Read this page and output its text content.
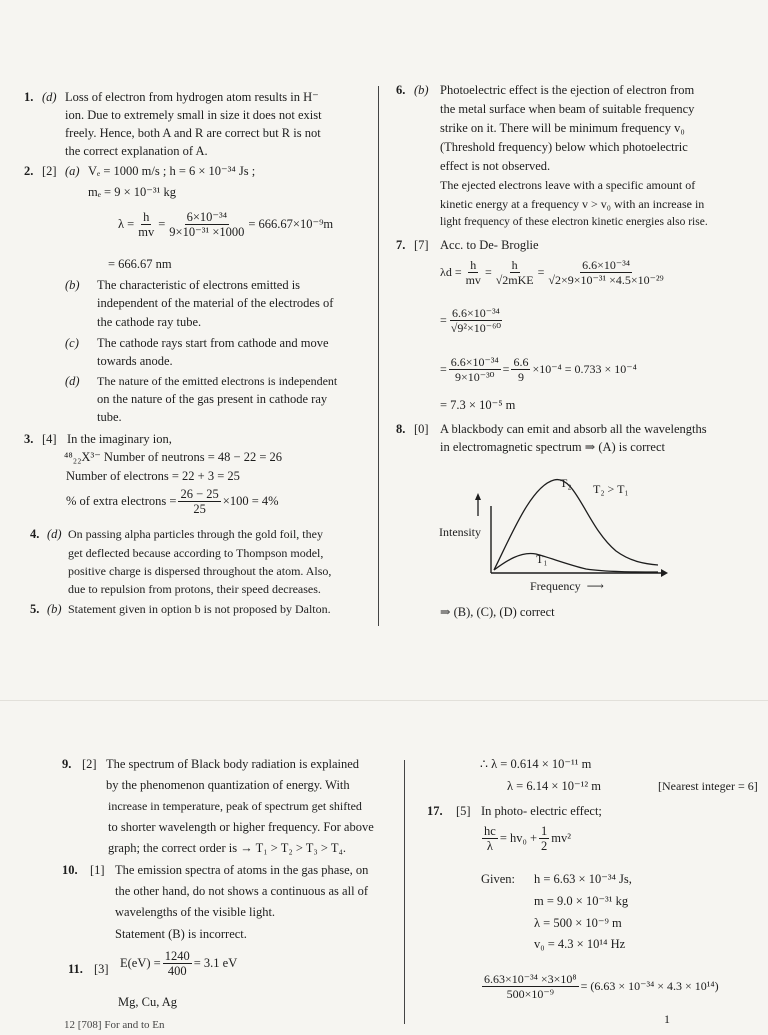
1. (d) Loss of electron from hydrogen atom results in H⁻
ion. Due to extremely small in size it does not exist
freely. Hence, both A and R are correct but R is not
the correct explanation of A.
2. [2] (a) Vₑ = 1000 m/s ; h = 6 × 10⁻³⁴ Js ;
mₑ = 9 × 10⁻³¹ kg
$\lambda = \frac{h}{mv} = \frac{\text{6×10⁻³⁴}}{\text{9×10⁻³¹ ×1000}} = 666.67\times 10^{-9}m$
= 666.67 nm
(b) The characteristic of electrons emitted is
independent of the material of the electrodes of
the cathode ray tube.
(c) The cathode rays start from cathode and move
towards anode.
(d) The nature of the emitted electrons is independent
on the nature of the gas present in cathode ray
tube.
3. [4] In the imaginary ion,
⁴⁸₂₂X³⁻ Number of neutrons = 48 − 22 = 26
Number of electrons = 22 + 3 = 25
% of extra electrons = $\frac{26 - 25}{25} \times 100 = 4\%$
4. (d) On passing alpha particles through the gold foil, they
get deflected because according to Thompson model,
positive charge is dispersed throughout the atom. Also,
due to repulsion from protons, their speed decreases.
5. (b) Statement given in option b is not proposed by Dalton.
6. (b) Photoelectric effect is the ejection of electron from
the metal surface when beam of suitable frequency
strike on it. There will be minimum frequency v₀
(Threshold frequency) below which photoelectric
effect is not observed.
The ejected electrons leave with a specific amount of
kinetic energy at a frequency v > v₀ with an increase in
light frequency of these electron kinetic energies also rise.
7. [7] Acc. to De- Broglie
$\lambda d = \frac{h}{mv} = \frac{h}{\text{√2mKE}} = \frac{\text{6.6×10⁻³⁴}}{\text{√2×9×10⁻³¹ ×4.5×10⁻²⁹}}$
= $\frac{\text{6.6×10⁻³⁴}}{\text{√9²×10⁻⁶⁰}}$
= $\frac{\text{6.6×10⁻³⁴}}{\text{9×10⁻³⁰}} = \frac{6.6}{9} \times 10^{-4} = 0.733 \times 10^{-4}$
= 7.3 × 10⁻⁵ m
8. [0] A blackbody can emit and absorb all the wavelengths
in electromagnetic spectrum ⇒ (A) is correct
T₂ T₂ > T₁
T₁
Intensity
Frequency  ⟶
⇒ (B), (C), (D) correct
9. [2] The spectrum of Black body radiation is explained
by the phenomenon quantization of energy. With
increase in temperature, peak of spectrum get shifted
to shorter wavelength or higher frequency. For above
graph; the correct order is → T₁ > T₂ > T₃ > T₄.
10. [1] The emission spectra of atoms in the gas phase, on
the other hand, do not shows a continuous as all of
wavelengths of the visible light.
Statement (B) is incorrect.
11. [3] $E(eV) = \frac{1240}{400} = 3.1$ eV
Mg, Cu, Ag
12 [708] For and to En
∴ λ = 0.614 × 10⁻¹¹ m
λ = 6.14 × 10⁻¹² m	[Nearest integer = 6]
17. [5] In photo- electric effect;
$\frac{hc}{\lambda} = hv_0 + \frac{1}{2} mv^2$
Given: h = 6.63 × 10⁻³⁴ Js,
m = 9.0 × 10⁻³¹ kg
λ = 500 × 10⁻⁹ m
v₀ = 4.3 × 10¹⁴ Hz
$\frac{\text{6.63×10⁻³⁴ ×3×10⁸}}{\text{500×10⁻⁹}} = (6.63 \times 10^{-34} \times 4.3 \times 10^{14})$
1
